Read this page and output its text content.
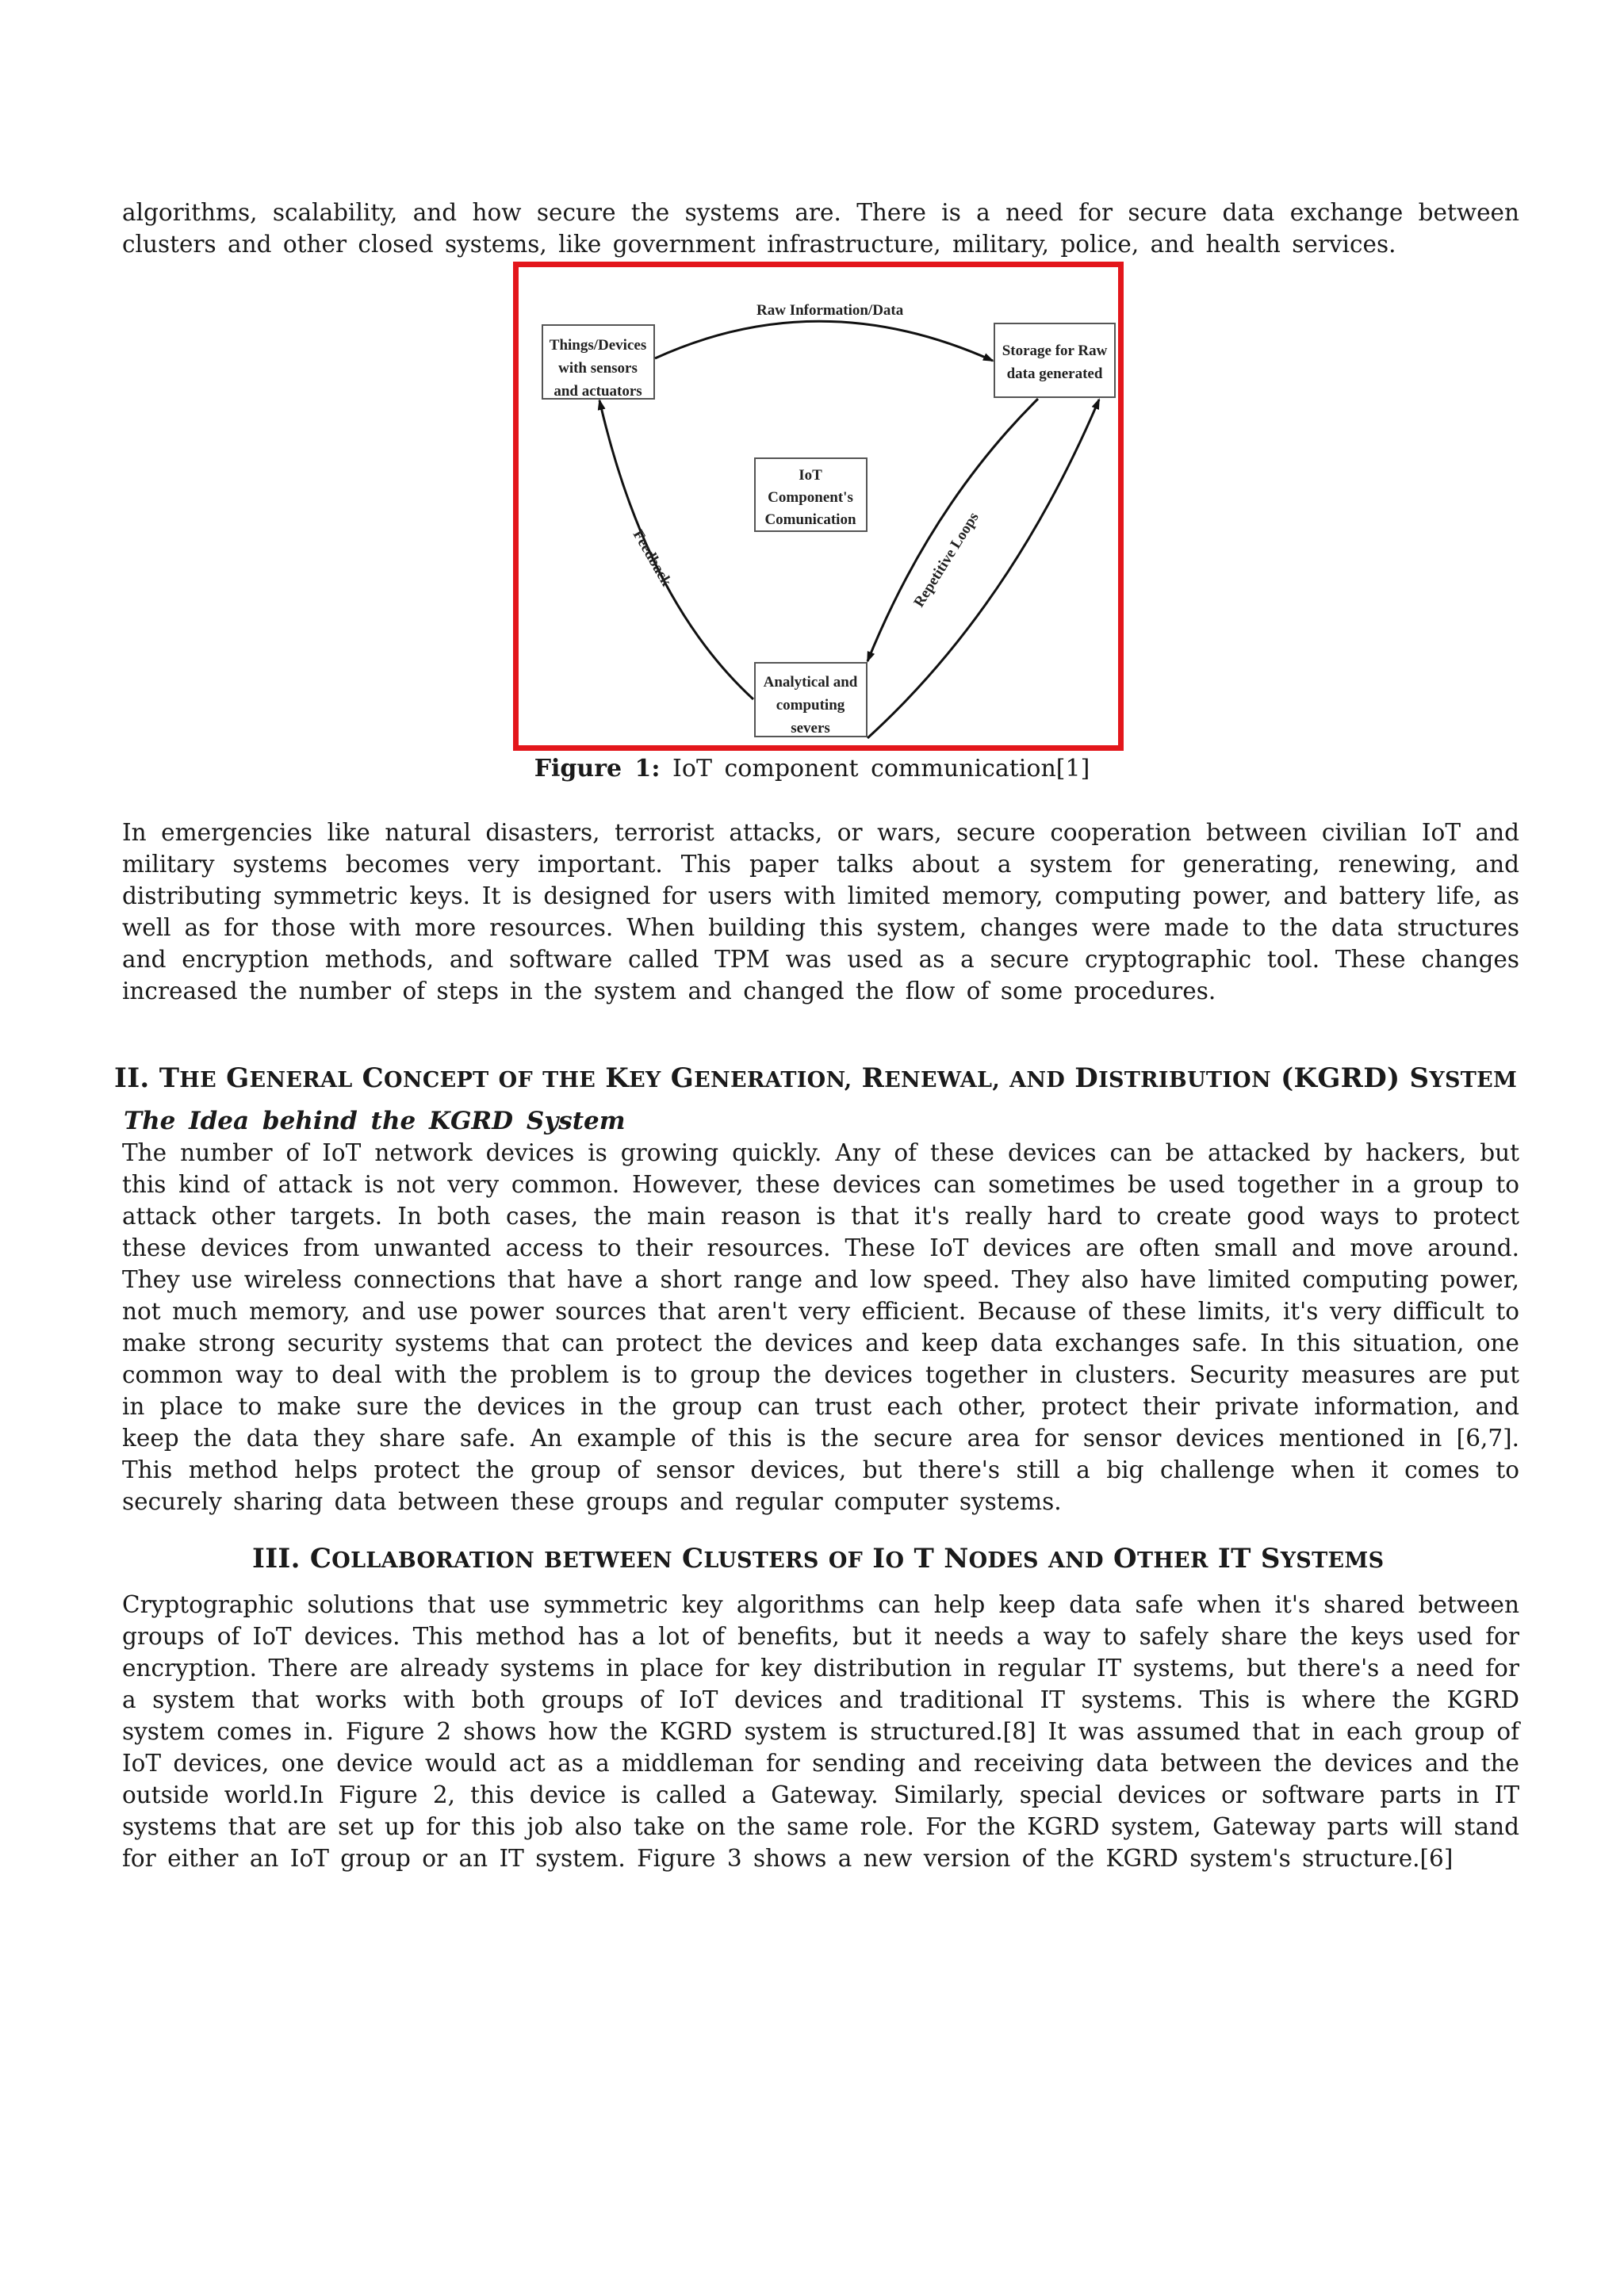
algorithms, scalability, and how secure the systems are. There is a need for secure data exchange between clusters and other closed systems, like government infrastructure, military, police, and health services.

Things/Devices
with sensors
and actuators
Storage for Raw
data generated
IoT
Component's
Comunication
Analytical and
computing
severs
Raw Information/Data
Feedback	Repetitive Loops
Figure 1: IoT component communication[1]

In emergencies like natural disasters, terrorist attacks, or wars, secure cooperation between civilian IoT and military systems becomes very important. This paper talks about a system for generating, renewing, and distributing symmetric keys. It is designed for users with limited memory, computing power, and battery life, as well as for those with more resources. When building this system, changes were made to the data structures and encryption methods, and software called TPM was used as a secure cryptographic tool. These changes increased the number of steps in the system and changed the flow of some procedures.

II. THE GENERAL CONCEPT OF THE KEY GENERATION, RENEWAL, AND DISTRIBUTION (KGRD) SYSTEM
The Idea behind the KGRD System

The number of IoT network devices is growing quickly. Any of these devices can be attacked by hackers, but this kind of attack is not very common. However, these devices can sometimes be used together in a group to attack other targets. In both cases, the main reason is that it's really hard to create good ways to protect these devices from unwanted access to their resources. These IoT devices are often small and move around. They use wireless connections that have a short range and low speed. They also have limited computing power, not much memory, and use power sources that aren't very efficient. Because of these limits, it's very difficult to make strong security systems that can protect the devices and keep data exchanges safe. In this situation, one common way to deal with the problem is to group the devices together in clusters. Security measures are put in place to make sure the devices in the group can trust each other, protect their private information, and keep the data they share safe. An example of this is the secure area for sensor devices mentioned in [6,7]. This method helps protect the group of sensor devices, but there's still a big challenge when it comes to securely sharing data between these groups and regular computer systems.

III. COLLABORATION BETWEEN CLUSTERS OF IO T NODES AND OTHER IT SYSTEMS

Cryptographic solutions that use symmetric key algorithms can help keep data safe when it's shared between groups of IoT devices. This method has a lot of benefits, but it needs a way to safely share the keys used for encryption. There are already systems in place for key distribution in regular IT systems, but there's a need for a system that works with both groups of IoT devices and traditional IT systems. This is where the KGRD system comes in. Figure 2 shows how the KGRD system is structured.[8] It was assumed that in each group of IoT devices, one device would act as a middleman for sending and receiving data between the devices and the outside world.In Figure 2, this device is called a Gateway. Similarly, special devices or software parts in IT systems that are set up for this job also take on the same role. For the KGRD system, Gateway parts will stand for either an IoT group or an IT system. Figure 3 shows a new version of the KGRD system's structure.[6]
